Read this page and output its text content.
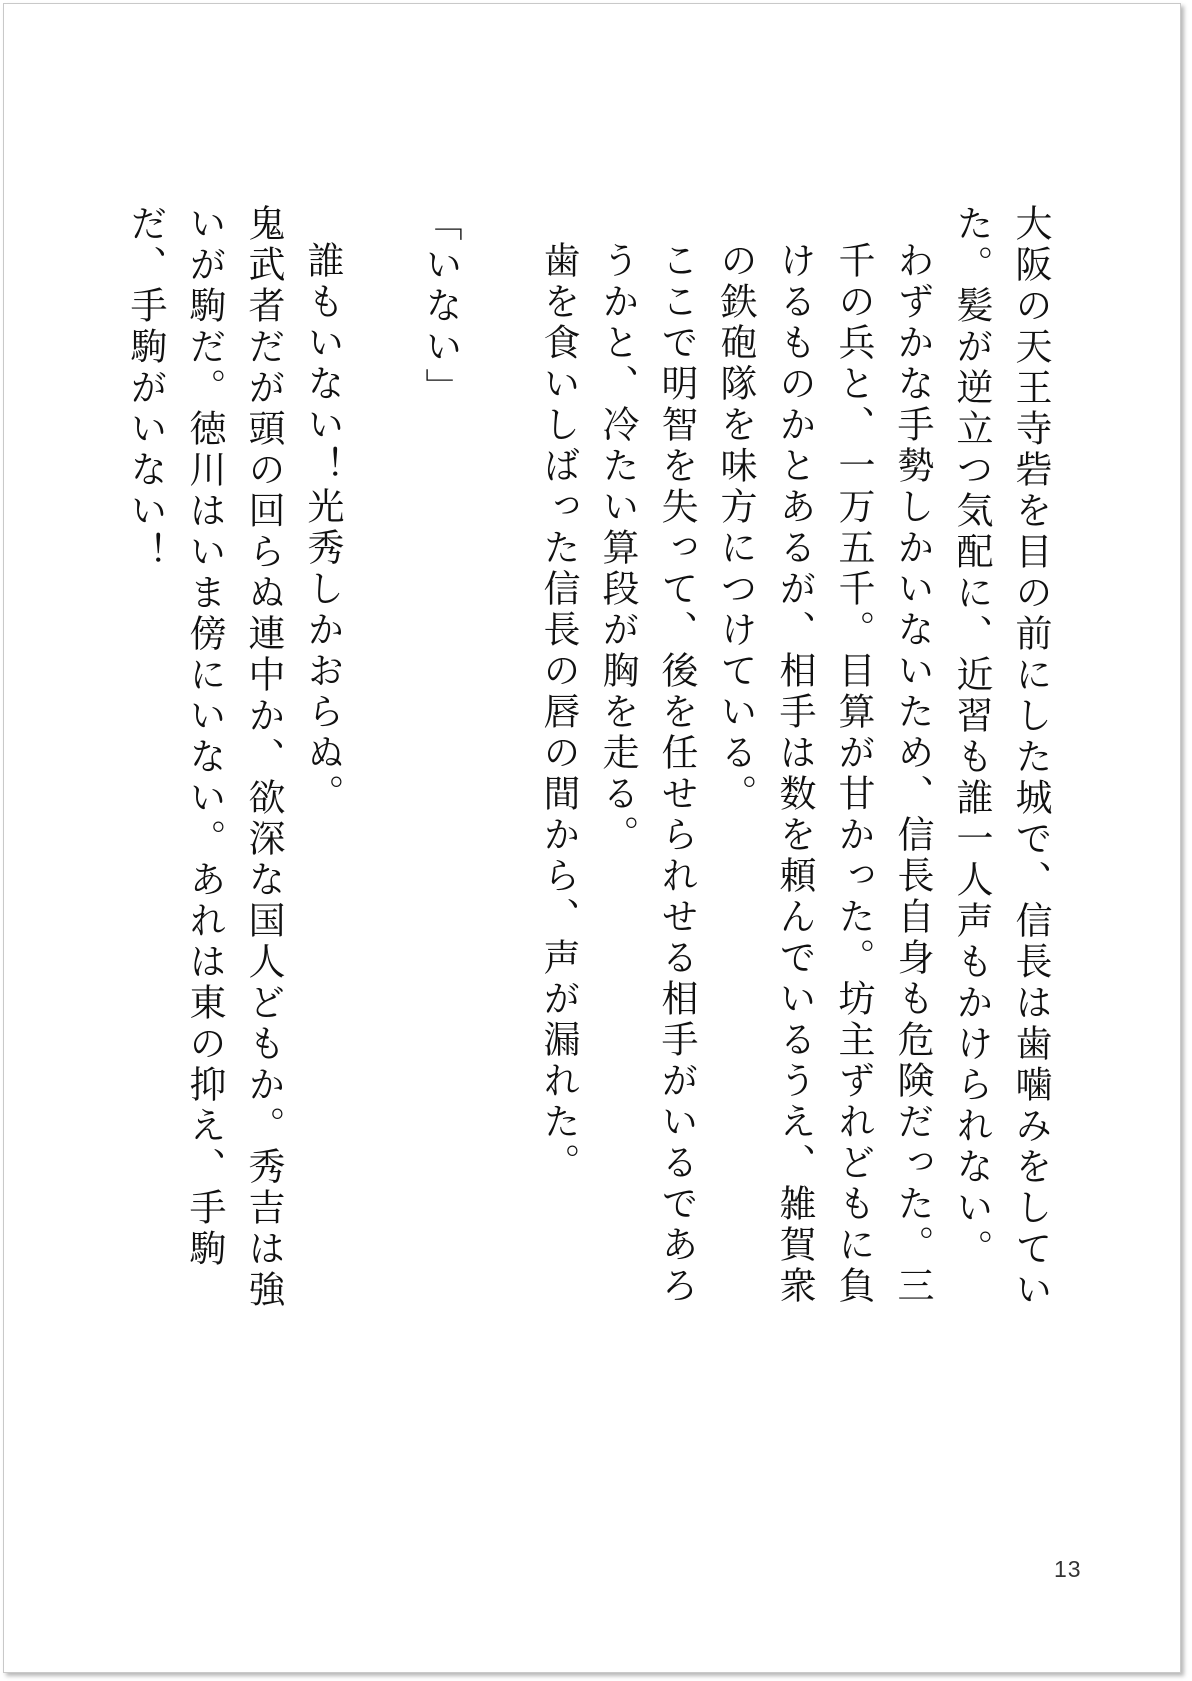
大阪の天王寺砦を目の前にした城で、信長は歯噛みをしていた。髪が逆立つ気配に、近習も誰一人声もかけられない。

わずかな手勢しかいないため、信長自身も危険だった。三千の兵と、一万五千。目算が甘かった。坊主ずれどもに負けるものかとあるが、相手は数を頼んでいるうえ、雑賀衆の鉄砲隊を味方につけている。

ここで明智を失って、後を任せられせる相手がいるであろうかと、冷たい算段が胸を走る。

歯を食いしばった信長の唇の間から、声が漏れた。

「いない」

誰もいない！光秀しかおらぬ。

鬼武者だが頭の回らぬ連中か、欲深な国人どもか。秀吉は強いが駒だ。徳川はいま傍にいない。あれは東の抑え、手駒だ、手駒がいない！

13
